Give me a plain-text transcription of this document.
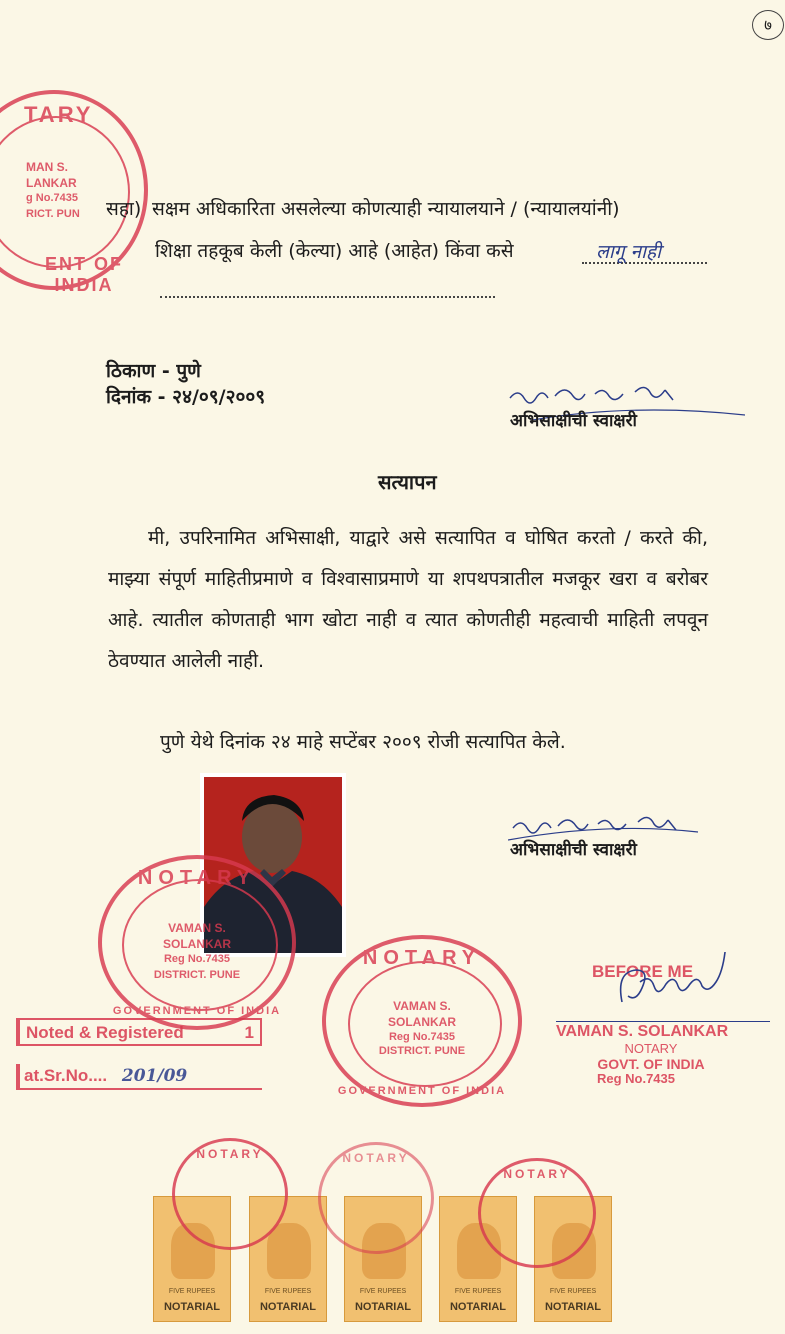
७
TARY
MAN S.
LANKAR
g No.7435
RICT. PUN
ENT OF INDIA
सहा) सक्षम अधिकारिता असलेल्या कोणत्याही न्यायालयाने / (न्यायालयांनी)
शिक्षा तहकूब केली (केल्या) आहे (आहेत) किंवा कसे	लागू नाही
ठिकाण - पुणे
दिनांक - २४/०९/२००९
अभिसाक्षीची स्वाक्षरी
सत्यापन
मी, उपरिनामित अभिसाक्षी, याद्वारे असे सत्यापित व घोषित करतो / करते की, माझ्या संपूर्ण माहितीप्रमाणे व विश्वासाप्रमाणे या शपथपत्रातील मजकूर खरा व बरोबर आहे. त्यातील कोणताही भाग खोटा नाही व त्यात कोणतीही महत्वाची माहिती लपवून ठेवण्यात आलेली नाही.
पुणे येथे दिनांक २४ माहे सप्टेंबर २००९ रोजी सत्यापित केले.
अभिसाक्षीची स्वाक्षरी
NOTARY
VAMAN S.
SOLANKAR
Reg No.7435
DISTRICT. PUNE
GOVERNMENT OF INDIA
NOTARY
VAMAN S.
SOLANKAR
Reg No.7435
DISTRICT. PUNE
GOVERNMENT OF INDIA
Noted & Registered	1
at.Sr.No.... 201/09
BEFORE ME
VAMAN S. SOLANKAR
NOTARY
GOVT. OF INDIA
Reg No.7435
FIVE RUPEES
NOTARIAL
FIVE RUPEES
NOTARIAL
FIVE RUPEES
NOTARIAL
FIVE RUPEES
NOTARIAL
FIVE RUPEES
NOTARIAL
NOTARY	NOTARY
NOTARY
